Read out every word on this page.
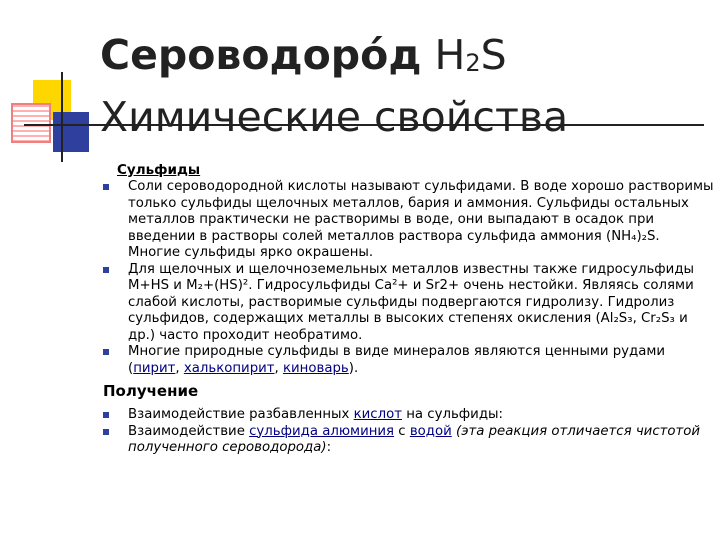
Сероводоро́д H2S
Химические свойства
Сульфиды
Соли сероводородной кислоты называют сульфидами. В воде хорошо растворимы только сульфиды щелочных металлов, бария и аммония. Сульфиды остальных металлов практически не растворимы в воде, они выпадают в осадок при введении в растворы солей металлов раствора сульфида аммония (NH₄)₂S. Многие сульфиды ярко окрашены.
Для щелочных и щелочноземельных металлов известны также гидросульфиды M+HS и M₂+(HS)². Гидросульфиды Ca²+ и Sr2+ очень нестойки. Являясь солями слабой кислоты, растворимые сульфиды подвергаются гидролизу. Гидролиз сульфидов, содержащих металлы в высоких степенях окисления (Al₂S₃, Cr₂S₃ и др.) часто проходит необратимо.
Многие природные сульфиды в виде минералов являются ценными рудами (пирит, халькопирит, киноварь).
Получение
Взаимодействие разбавленных кислот на сульфиды:
Взаимодействие сульфида алюминия с водой (эта реакция отличается чистотой полученного сероводорода):
